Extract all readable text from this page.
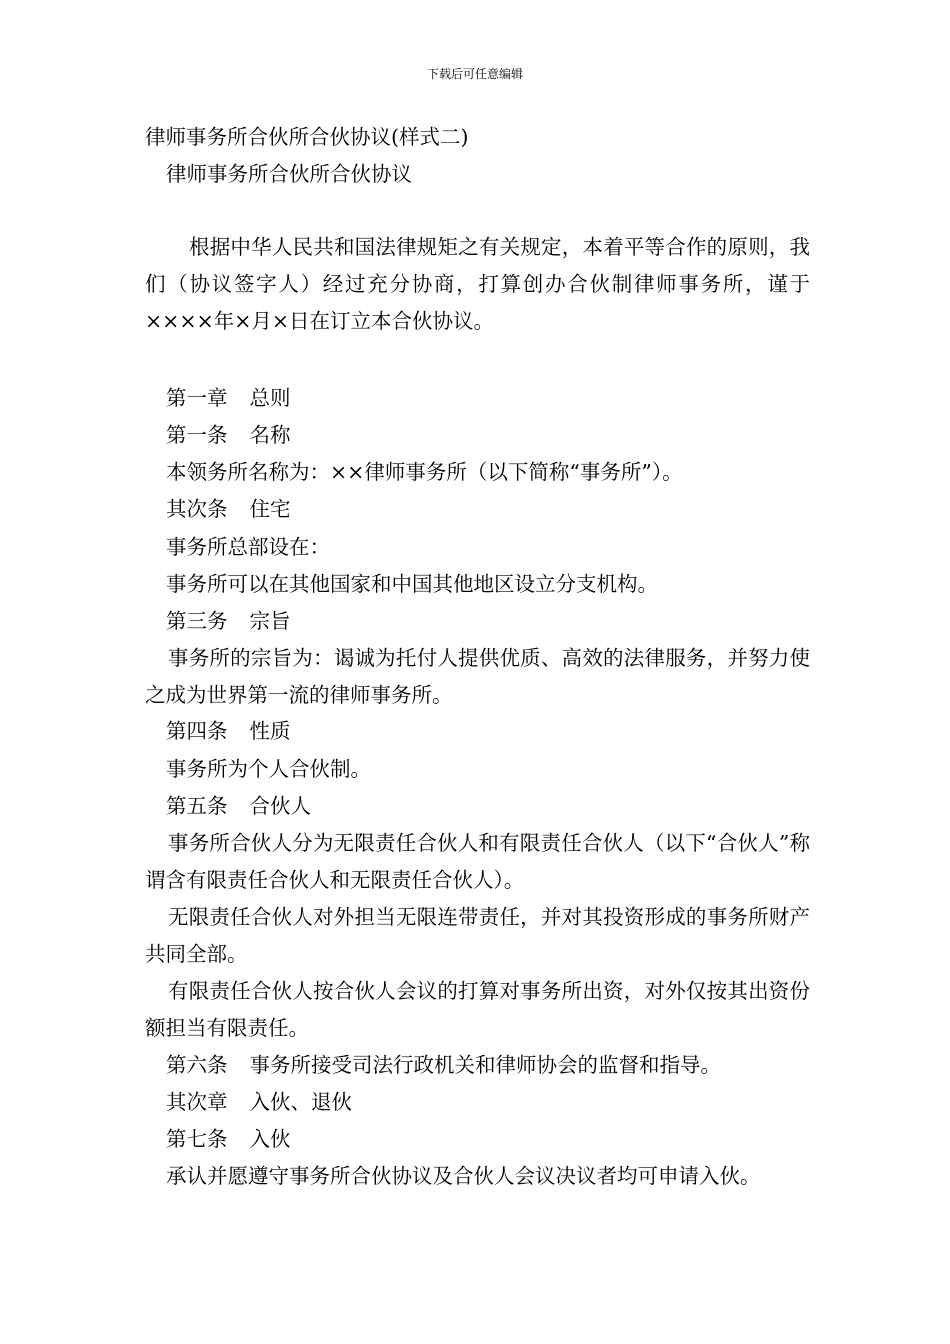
下载后可任意编辑
律师事务所合伙所合伙协议(样式二)
律师事务所合伙所合伙协议
根据中华人民共和国法律规矩之有关规定，本着平等合作的原则，我们（协议签字人）经过充分协商，打算创办合伙制律师事务所，谨于××××年×月×日在订立本合伙协议。
第一章 总则
第一条 名称
本领务所名称为：××律师事务所（以下简称“事务所”）。
其次条 住宅
事务所总部设在：
事务所可以在其他国家和中国其他地区设立分支机构。
第三务 宗旨
事务所的宗旨为：谒诚为托付人提供优质、高效的法律服务，并努力使之成为世界第一流的律师事务所。
第四条 性质
事务所为个人合伙制。
第五条 合伙人
事务所合伙人分为无限责任合伙人和有限责任合伙人（以下“合伙人”称谓含有限责任合伙人和无限责任合伙人）。
无限责任合伙人对外担当无限连带责任，并对其投资形成的事务所财产共同全部。
有限责任合伙人按合伙人会议的打算对事务所出资，对外仅按其出资份额担当有限责任。
第六条 事务所接受司法行政机关和律师协会的监督和指导。
其次章 入伙、退伙
第七条 入伙
承认并愿遵守事务所合伙协议及合伙人会议决议者均可申请入伙。
